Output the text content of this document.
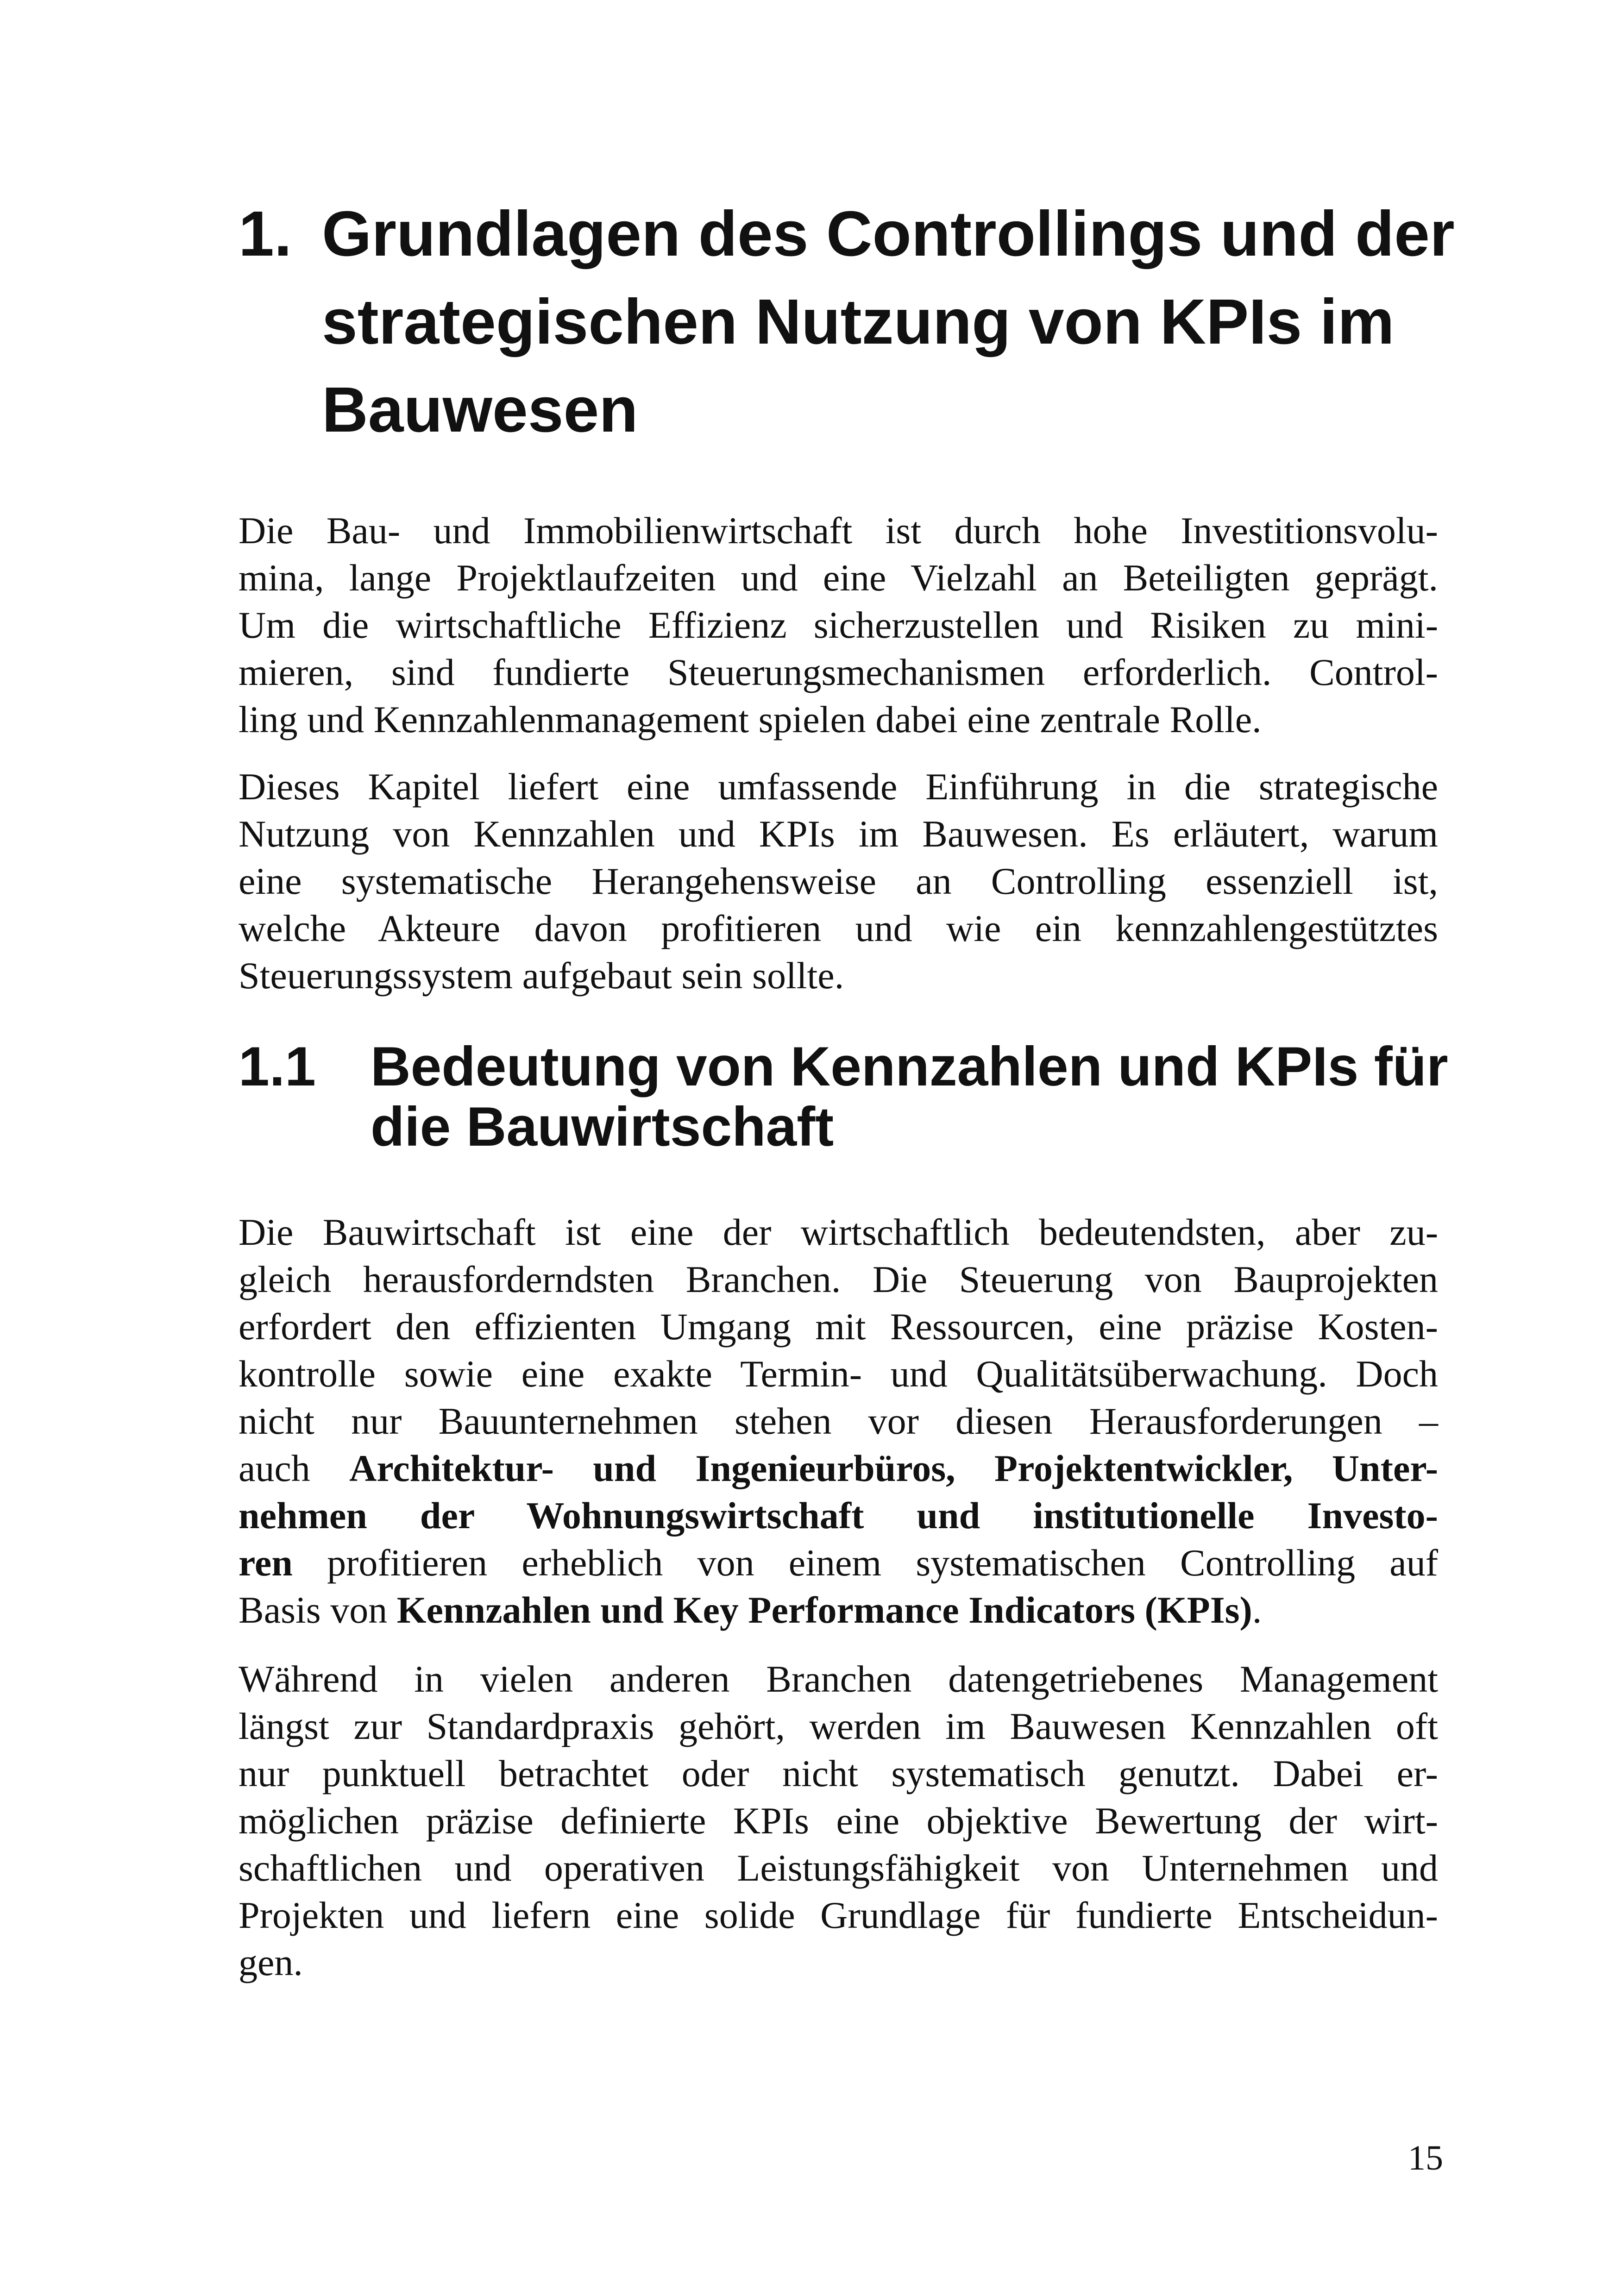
1. Grundlagen des Controllings und der
strategischen Nutzung von KPIs im
Bauwesen
Die Bau- und Immobilienwirtschaft ist durch hohe Investitionsvolu-
mina, lange Projektlaufzeiten und eine Vielzahl an Beteiligten geprägt.
Um die wirtschaftliche Effizienz sicherzustellen und Risiken zu mini-
mieren, sind fundierte Steuerungsmechanismen erforderlich. Control-
ling und Kennzahlenmanagement spielen dabei eine zentrale Rolle.
Dieses Kapitel liefert eine umfassende Einführung in die strategische
Nutzung von Kennzahlen und KPIs im Bauwesen. Es erläutert, warum
eine systematische Herangehensweise an Controlling essenziell ist,
welche Akteure davon profitieren und wie ein kennzahlengestütztes
Steuerungssystem aufgebaut sein sollte.
1.1 Bedeutung von Kennzahlen und KPIs für
die Bauwirtschaft
Die Bauwirtschaft ist eine der wirtschaftlich bedeutendsten, aber zu-
gleich herausforderndsten Branchen. Die Steuerung von Bauprojekten
erfordert den effizienten Umgang mit Ressourcen, eine präzise Kosten-
kontrolle sowie eine exakte Termin- und Qualitätsüberwachung. Doch
nicht nur Bauunternehmen stehen vor diesen Herausforderungen –
auch Architektur- und Ingenieurbüros, Projektentwickler, Unter-
nehmen der Wohnungswirtschaft und institutionelle Investo-
ren profitieren erheblich von einem systematischen Controlling auf
Basis von Kennzahlen und Key Performance Indicators (KPIs).
Während in vielen anderen Branchen datengetriebenes Management
längst zur Standardpraxis gehört, werden im Bauwesen Kennzahlen oft
nur punktuell betrachtet oder nicht systematisch genutzt. Dabei er-
möglichen präzise definierte KPIs eine objektive Bewertung der wirt-
schaftlichen und operativen Leistungsfähigkeit von Unternehmen und
Projekten und liefern eine solide Grundlage für fundierte Entscheidun-
gen.
15
